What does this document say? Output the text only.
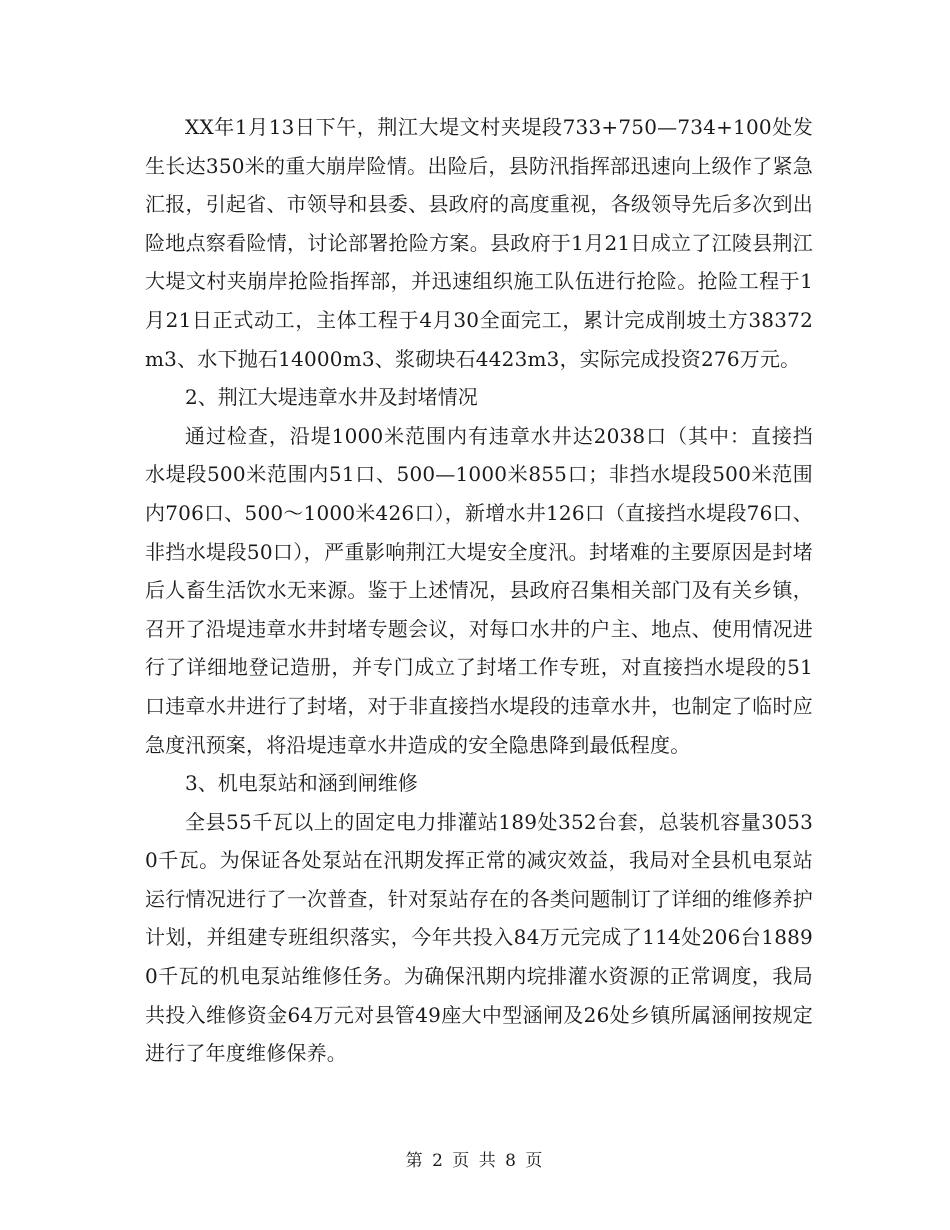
XX年1月13日下午，荆江大堤文村夹堤段733+750—734+100处发生长达350米的重大崩岸险情。出险后，县防汛指挥部迅速向上级作了紧急汇报，引起省、市领导和县委、县政府的高度重视，各级领导先后多次到出险地点察看险情，讨论部署抢险方案。县政府于1月21日成立了江陵县荆江大堤文村夹崩岸抢险指挥部，并迅速组织施工队伍进行抢险。抢险工程于1月21日正式动工，主体工程于4月30全面完工，累计完成削坡土方38372m3、水下抛石14000m3、浆砌块石4423m3，实际完成投资276万元。

2、荆江大堤违章水井及封堵情况

通过检查，沿堤1000米范围内有违章水井达2038口（其中：直接挡水堤段500米范围内51口、500—1000米855口；非挡水堤段500米范围内706口、500～1000米426口），新增水井126口（直接挡水堤段76口、非挡水堤段50口），严重影响荆江大堤安全度汛。封堵难的主要原因是封堵后人畜生活饮水无来源。鉴于上述情况，县政府召集相关部门及有关乡镇，召开了沿堤违章水井封堵专题会议，对每口水井的户主、地点、使用情况进行了详细地登记造册，并专门成立了封堵工作专班，对直接挡水堤段的51口违章水井进行了封堵，对于非直接挡水堤段的违章水井，也制定了临时应急度汛预案，将沿堤违章水井造成的安全隐患降到最低程度。

3、机电泵站和涵到闸维修

全县55千瓦以上的固定电力排灌站189处352台套，总装机容量30530千瓦。为保证各处泵站在汛期发挥正常的减灾效益，我局对全县机电泵站运行情况进行了一次普查，针对泵站存在的各类问题制订了详细的维修养护计划，并组建专班组织落实，今年共投入84万元完成了114处206台18890千瓦的机电泵站维修任务。为确保汛期内垸排灌水资源的正常调度，我局共投入维修资金64万元对县管49座大中型涵闸及26处乡镇所属涵闸按规定进行了年度维修保养。

第 2 页 共 8 页
